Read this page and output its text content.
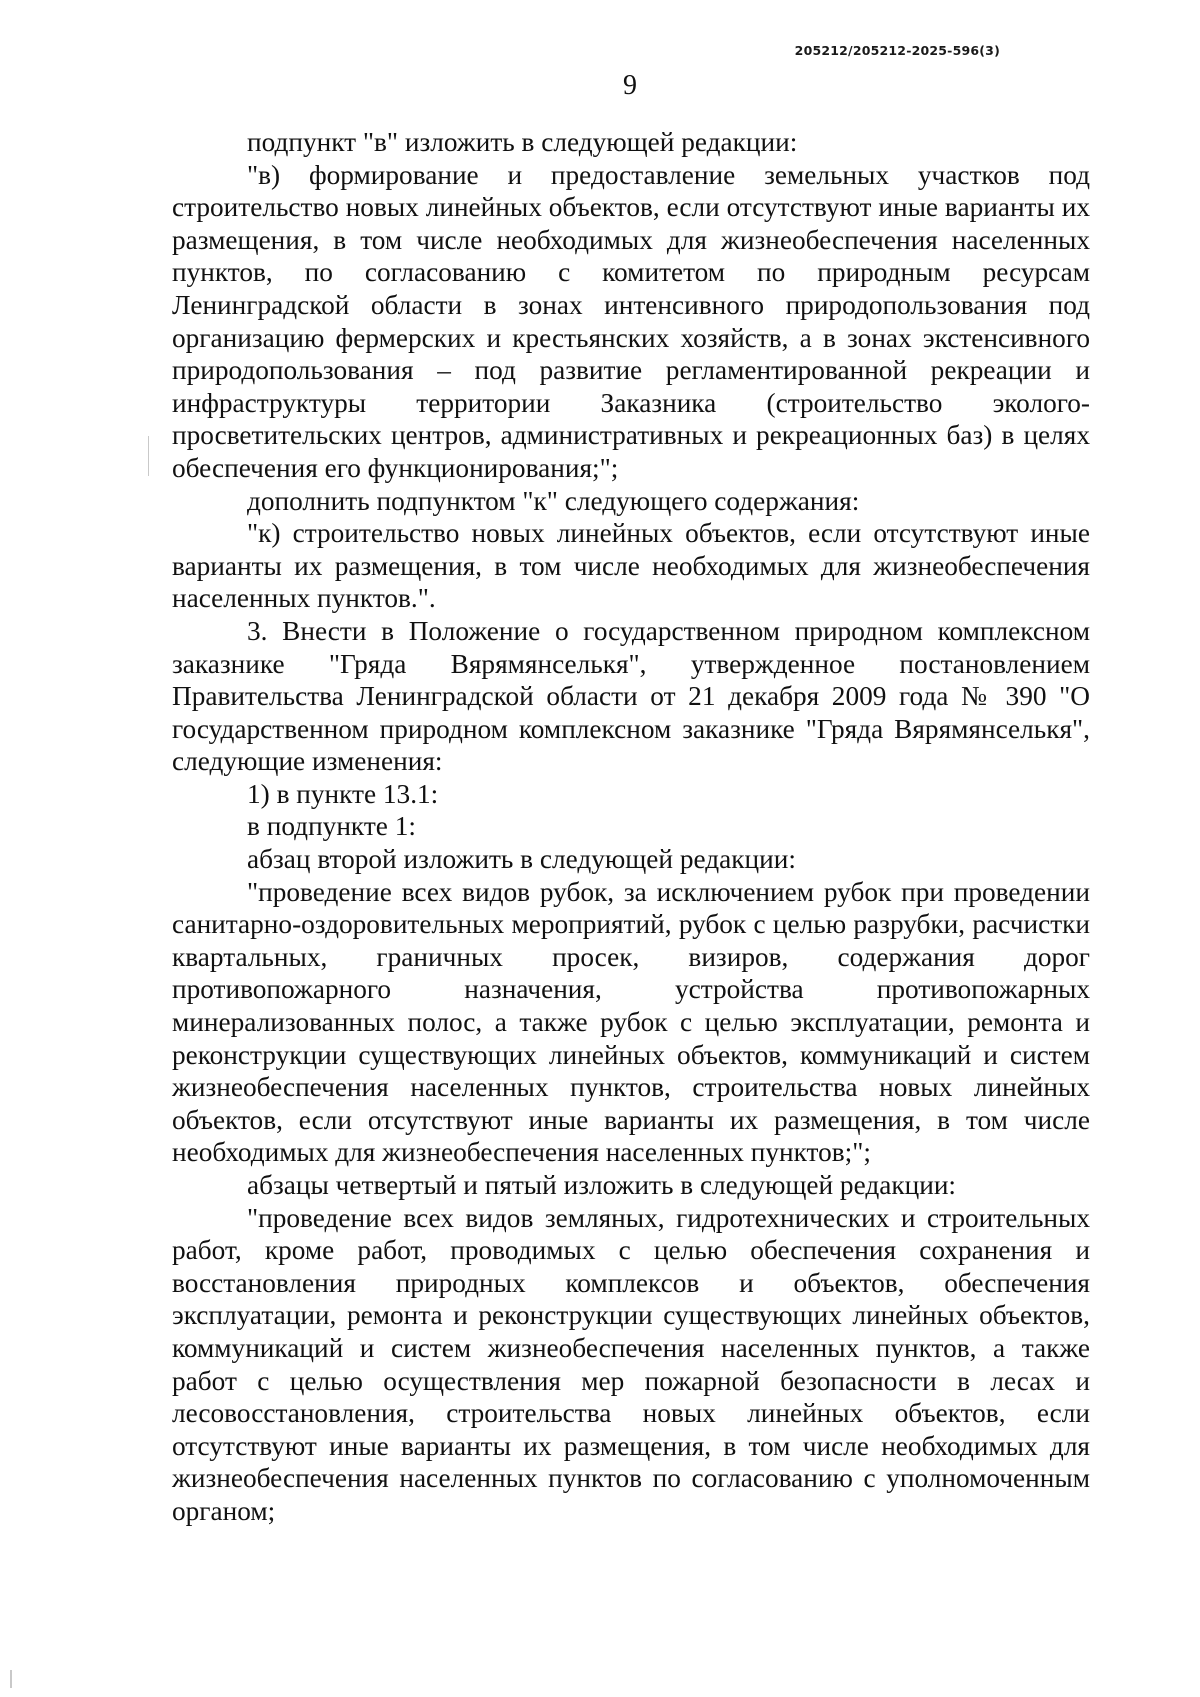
205212/205212-2025-596(3)
9

подпункт "в" изложить в следующей редакции:

"в) формирование и предоставление земельных участков под строительство новых линейных объектов, если отсутствуют иные варианты их размещения, в том числе необходимых для жизнеобеспечения населенных пунктов, по согласованию с комитетом по природным ресурсам Ленинградской области в зонах интенсивного природопользования под организацию фермерских и крестьянских хозяйств, а в зонах экстенсивного природопользования – под развитие регламентированной рекреации и инфраструктуры территории Заказника (строительство эколого-просветительских центров, административных и рекреационных баз) в целях обеспечения его функционирования;";

дополнить подпунктом "к" следующего содержания:

"к) строительство новых линейных объектов, если отсутствуют иные варианты их размещения, в том числе необходимых для жизнеобеспечения населенных пунктов.".

3. Внести в Положение о государственном природном комплексном заказнике "Гряда Вярямянселькя", утвержденное постановлением Правительства Ленинградской области от 21 декабря 2009 года № 390 "О государственном природном комплексном заказнике "Гряда Вярямянселькя", следующие изменения:

1) в пункте 13.1:

в подпункте 1:

абзац второй изложить в следующей редакции:

"проведение всех видов рубок, за исключением рубок при проведении санитарно-оздоровительных мероприятий, рубок с целью разрубки, расчистки квартальных, граничных просек, визиров, содержания дорог противопожарного назначения, устройства противопожарных минерализованных полос, а также рубок с целью эксплуатации, ремонта и реконструкции существующих линейных объектов, коммуникаций и систем жизнеобеспечения населенных пунктов, строительства новых линейных объектов, если отсутствуют иные варианты их размещения, в том числе необходимых для жизнеобеспечения населенных пунктов;";

абзацы четвертый и пятый изложить в следующей редакции:

"проведение всех видов земляных, гидротехнических и строительных работ, кроме работ, проводимых с целью обеспечения сохранения и восстановления природных комплексов и объектов, обеспечения эксплуатации, ремонта и реконструкции существующих линейных объектов, коммуникаций и систем жизнеобеспечения населенных пунктов, а также работ с целью осуществления мер пожарной безопасности в лесах и лесовосстановления, строительства новых линейных объектов, если отсутствуют иные варианты их размещения, в том числе необходимых для жизнеобеспечения населенных пунктов по согласованию с уполномоченным органом;
